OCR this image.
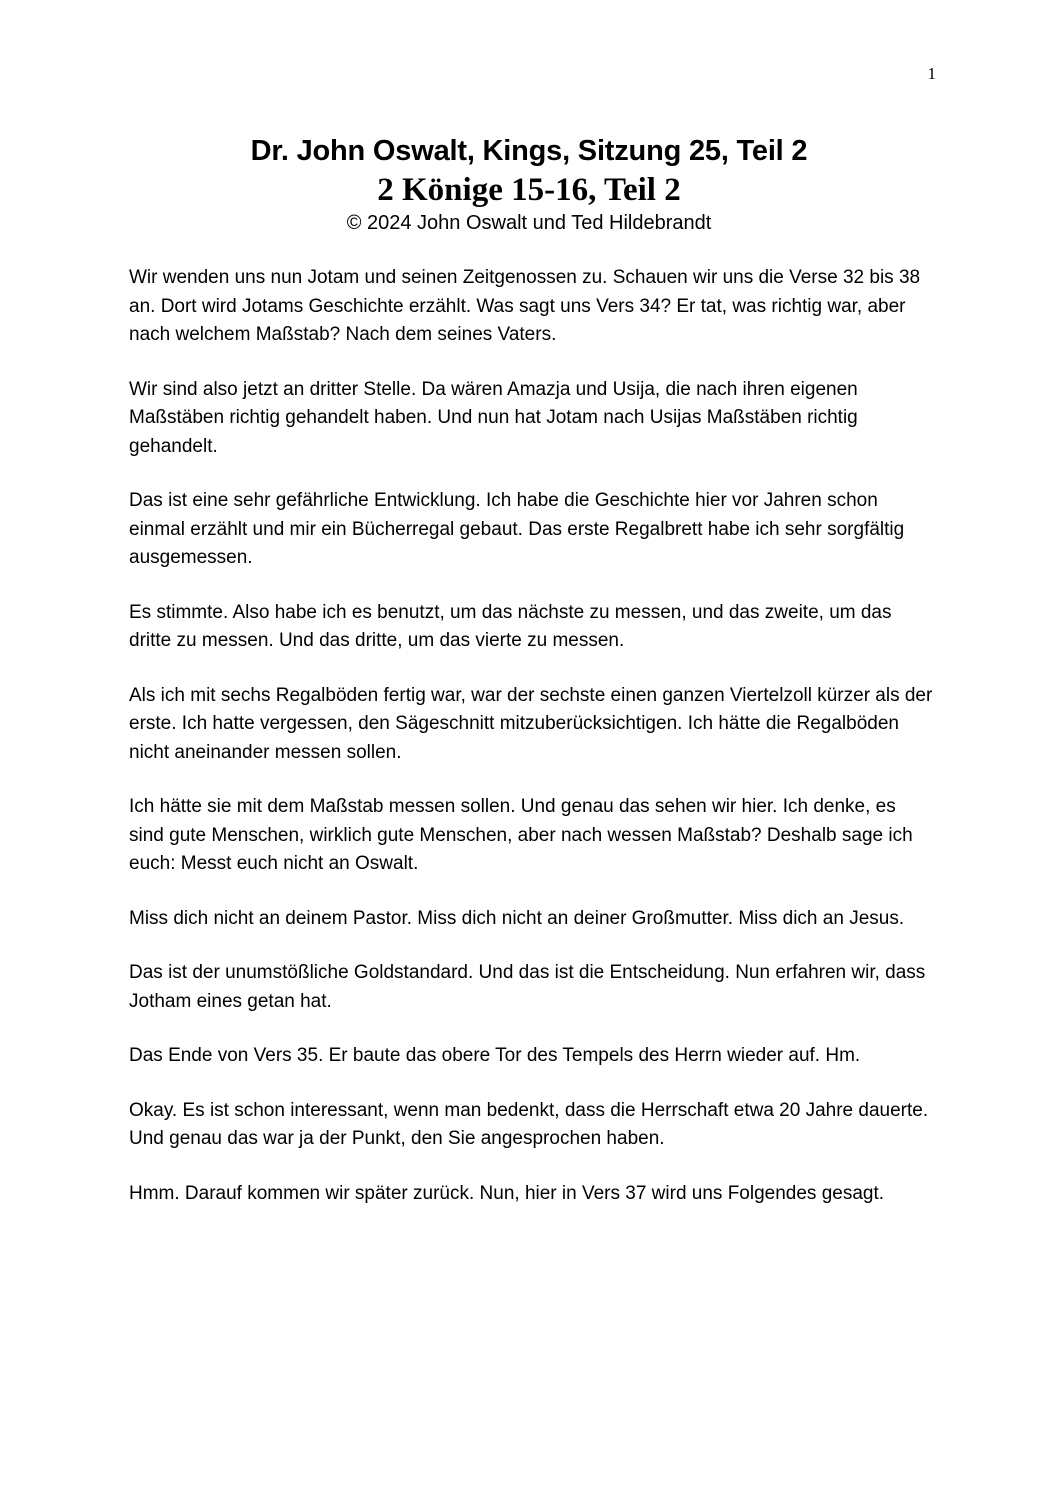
1
Dr. John Oswalt, Kings, Sitzung 25, Teil 2
2 Könige 15-16, Teil 2

© 2024 John Oswalt und Ted Hildebrandt

Wir wenden uns nun Jotam und seinen Zeitgenossen zu. Schauen wir uns die Verse 32 bis 38 an. Dort wird Jotams Geschichte erzählt. Was sagt uns Vers 34? Er tat, was richtig war, aber nach welchem Maßstab? Nach dem seines Vaters.

Wir sind also jetzt an dritter Stelle. Da wären Amazja und Usija, die nach ihren eigenen Maßstäben richtig gehandelt haben. Und nun hat Jotam nach Usijas Maßstäben richtig gehandelt.

Das ist eine sehr gefährliche Entwicklung. Ich habe die Geschichte hier vor Jahren schon einmal erzählt und mir ein Bücherregal gebaut. Das erste Regalbrett habe ich sehr sorgfältig ausgemessen.

Es stimmte. Also habe ich es benutzt, um das nächste zu messen, und das zweite, um das dritte zu messen. Und das dritte, um das vierte zu messen.

Als ich mit sechs Regalböden fertig war, war der sechste einen ganzen Viertelzoll kürzer als der erste. Ich hatte vergessen, den Sägeschnitt mitzuberücksichtigen. Ich hätte die Regalböden nicht aneinander messen sollen.

Ich hätte sie mit dem Maßstab messen sollen. Und genau das sehen wir hier. Ich denke, es sind gute Menschen, wirklich gute Menschen, aber nach wessen Maßstab? Deshalb sage ich euch: Messt euch nicht an Oswalt.

Miss dich nicht an deinem Pastor. Miss dich nicht an deiner Großmutter. Miss dich an Jesus.

Das ist der unumstößliche Goldstandard. Und das ist die Entscheidung. Nun erfahren wir, dass Jotham eines getan hat.

Das Ende von Vers 35. Er baute das obere Tor des Tempels des Herrn wieder auf. Hm.

Okay. Es ist schon interessant, wenn man bedenkt, dass die Herrschaft etwa 20 Jahre dauerte. Und genau das war ja der Punkt, den Sie angesprochen haben.

Hmm. Darauf kommen wir später zurück. Nun, hier in Vers 37 wird uns Folgendes gesagt.
